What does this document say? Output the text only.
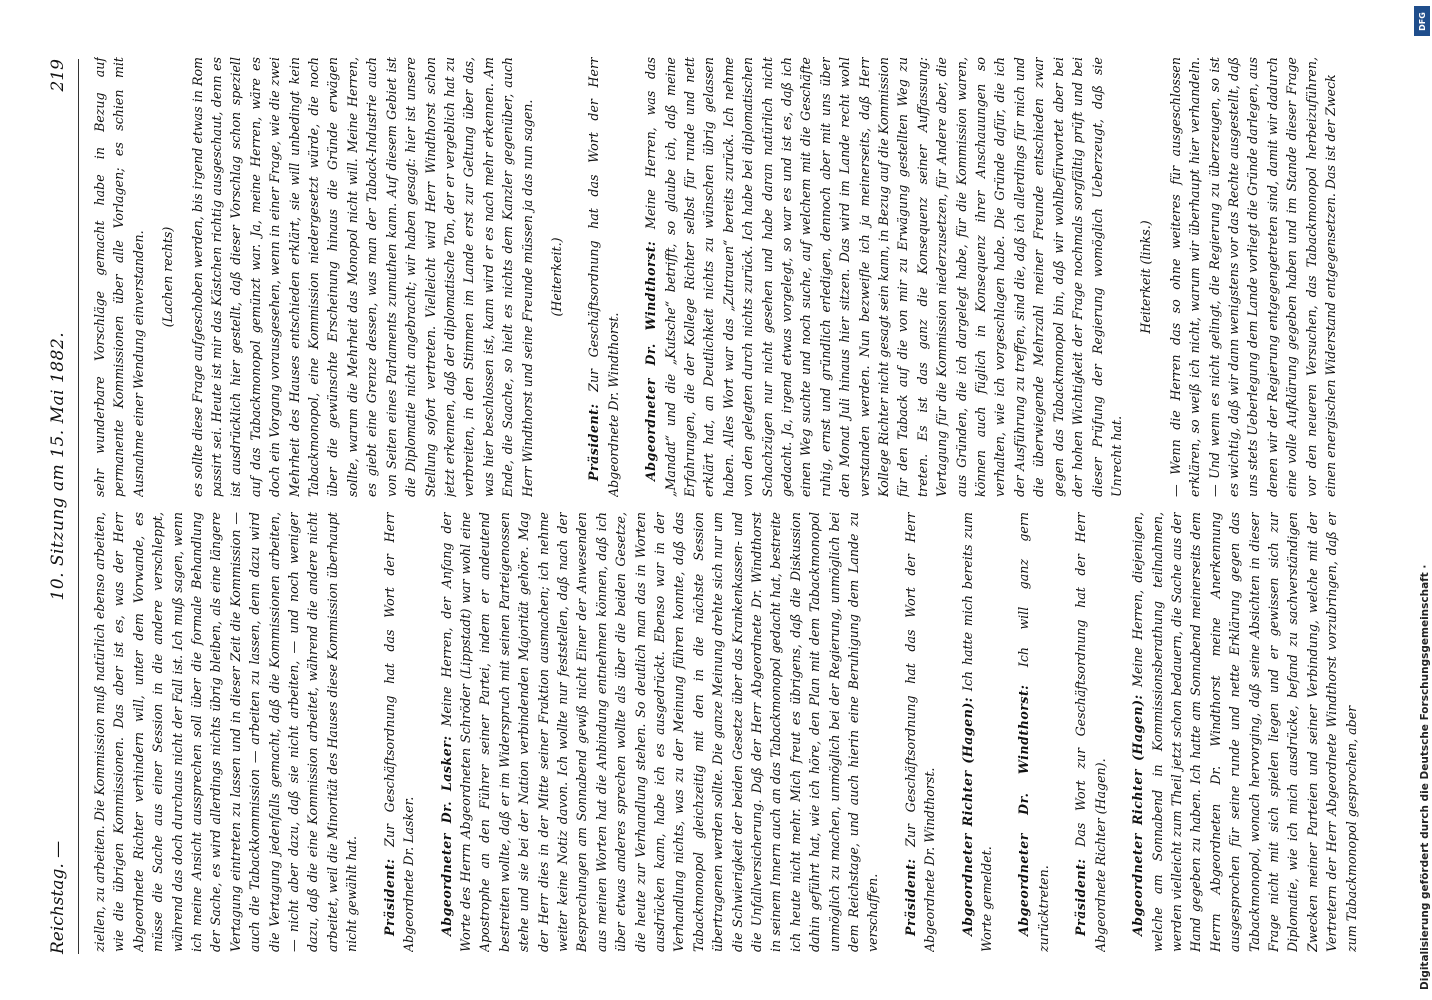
Reichstag. —
10. Sitzung am 15. Mai 1882.
219

ziellen, zu arbeiten. Die Kommission muß natürlich ebenso arbeiten, wie die übrigen Kommissionen. Das aber ist es, was der Herr Abgeordnete Richter verhindern will, unter dem Vorwande, es müsse die Sache aus einer Session in die andere verschleppt, während das doch durchaus nicht der Fall ist. Ich muß sagen, wenn ich meine Ansicht aussprechen soll über die formale Behandlung der Sache, es wird allerdings nichts übrig bleiben, als eine längere Vertagung eintreten zu lassen und in dieser Zeit die Kommission — auch die Tabackkommission — arbeiten zu lassen, denn dazu wird die Vertagung jedenfalls gemacht, daß die Kommissionen arbeiten, — nicht aber dazu, daß sie nicht arbeiten, — und noch weniger dazu, daß die eine Kommission arbeitet, während die andere nicht arbeitet, weil die Minorität des Hauses diese Kommission überhaupt nicht gewählt hat. Präsident: Zur Geschäftsordnung hat das Wort der Herr Abgeordnete Dr. Lasker. Abgeordneter Dr. Lasker: Meine Herren, der Anfang der Worte des Herrn Abgeordneten Schröder (Lippstadt) war wohl eine Apostrophe an den Führer seiner Partei, indem er andeutend bestreiten wollte, daß er im Widerspruch mit seinen Parteigenossen stehe und sie bei der Nation verbindenden Majorität gehöre. Mag der Herr dies in der Mitte seiner Fraktion ausmachen; ich nehme weiter keine Notiz davon. Ich wollte nur feststellen, daß nach der Besprechungen am Sonnabend gewiß nicht Einer der Anwesenden aus meinen Worten hat die Anbindung entnehmen können, daß ich über etwas anderes sprechen wollte als über die beiden Gesetze, die heute zur Verhandlung stehen. So deutlich man das in Worten ausdrücken kann, habe ich es ausgedrückt. Ebenso war in der Verhandlung nichts, was zu der Meinung führen konnte, daß das Tabackmonopol gleichzeitig mit den in die nächste Session übertragenen werden sollte. Die ganze Meinung drehte sich nur um die Schwierigkeit der beiden Gesetze über das Krankenkassen- und die Unfallversicherung. Daß der Herr Abgeordnete Dr. Windthorst in seinem Innern auch an das Tabackmonopol gedacht hat, bestreite ich heute nicht mehr. Mich freut es übrigens, daß die Diskussion dahin geführt hat, wie ich höre, den Plan mit dem Tabackmonopol unmöglich zu machen, unmöglich bei der Regierung, unmöglich bei dem Reichstage, und auch hierin eine Beruhigung dem Lande zu verschaffen. Präsident: Zur Geschäftsordnung hat das Wort der Herr Abgeordnete Dr. Windthorst. Abgeordneter Richter (Hagen): Ich hatte mich bereits zum Worte gemeldet. Abgeordneter Dr. Windthorst: Ich will ganz gern zurücktreten. Präsident: Das Wort zur Geschäftsordnung hat der Herr Abgeordnete Richter (Hagen). Abgeordneter Richter (Hagen): Meine Herren, diejenigen, welche am Sonnabend in Kommissionsberathung teilnahmen, werden vielleicht zum Theil jetzt schon bedauern, die Sache aus der Hand gegeben zu haben. Ich hatte am Sonnabend meinerseits dem Herrn Abgeordneten Dr. Windthorst meine Anerkennung ausgesprochen für seine runde und nette Erklärung gegen das Tabackmonopol, wonach hervorging, daß seine Absichten in dieser Frage nicht mit sich spielen liegen und er gewissen sich zur Diplomatie, wie ich mich ausdrücke, befand zu sachverständigen Zwecken meiner Parteien und seiner Verbindung, welche mit der Vertretern der Herr Abgeordnete Windthorst vorzubringen, daß er zum Tabackmonopol gesprochen, aber

sehr wunderbare Vorschläge gemacht habe in Bezug auf permanente Kommissionen über alle Vorlagen; es schien mit Ausnahme einer Wendung einverstanden. (Lachen rechts) es sollte diese Frage aufgeschoben werden, bis irgend etwas in Rom passirt sei. Heute ist mir das Kästchen richtig ausgeschaut, denn es ist ausdrücklich hier gestellt, daß dieser Vorschlag schon speziell auf das Tabackmonopol gemünzt war. Ja, meine Herren, wäre es doch ein Vorgang vorausgesehen, wenn in einer Frage, wie die zwei Mehrheit des Hauses entschieden erklärt, sie will unbedingt kein Tabackmonopol, eine Kommission niedergesetzt würde, die noch über die gewünschte Erscheinung hinaus die Gründe erwägen sollte, warum die Mehrheit das Monopol nicht will. Meine Herren, es giebt eine Grenze dessen, was man der Taback-Industrie auch von Seiten eines Parlaments zumuthen kann. Auf diesem Gebiet ist die Diplomatie nicht angebracht; wir haben gesagt: hier ist unsere Stellung sofort vertreten. Vielleicht wird Herr Windthorst schon jetzt erkennen, daß der diplomatische Ton, der er vergeblich hat zu verbreiten, in den Stimmen im Lande erst zur Geltung über das, was hier beschlossen ist, kann wird er es nach mehr erkennen. Am Ende, die Saache, so hielt es nichts dem Kanzler gegenüber, auch Herr Windthorst und seine Freunde müssen ja das nun sagen. (Heiterkeit.)

Präsident: Zur Geschäftsordnung hat das Wort der Herr Abgeordnete Dr. Windthorst. Abgeordneter Dr. Windthorst: Meine Herren, was das „Mandat“ und die „Kutsche“ betrifft, so glaube ich, daß meine Erfahrungen, die der Kollege Richter selbst für runde und nett erklärt hat, an Deutlichkeit nichts zu wünschen übrig gelassen haben. Alles Wort war das „Zutrauen“ bereits zurück. Ich nehme von den gelegten durch nichts zurück. Ich habe bei diplomatischen Schachzügen nur nicht gesehen und habe daran natürlich nicht gedacht. Ja, irgend etwas vorgelegt, so war es und ist es, daß ich einen Weg suchte und noch suche, auf welchem mit die Geschäfte ruhig, ernst und gründlich erledigen, dennoch aber mit uns über den Monat Juli hinaus hier sitzen. Das wird im Lande recht wohl verstanden werden. Nun bezweifle ich ja meinerseits, daß Herr Kollege Richter nicht gesagt sein kann, in Bezug auf die Kommission für den Taback auf die von mir zu Erwägung gestellten Weg zu treten. Es ist das ganz die Konsequenz seiner Auffassung: Vertagung für die Kommission niederzusetzen, für Andere aber, die aus Gründen, die ich dargelegt habe, für die Kommission waren, können auch füglich in Konsequenz ihrer Anschauungen so verhalten, wie ich vorgeschlagen habe. Die Gründe dafür, die ich der Ausführung zu treffen, sind die, daß ich allerdings für mich und die überwiegende Mehrzahl meiner Freunde entschieden zwar gegen das Tabackmonopol bin, daß wir wohlbefürwortet aber bei der hohen Wichtigkeit der Frage nochmals sorgfältig prüft und bei dieser Prüfung der Regierung womöglich Ueberzeugt, daß sie Unrecht hat.

Heiterkeit (links.) — Wenn die Herren das so ohne weiteres für ausgeschlossen erklären, so weiß ich nicht, warum wir überhaupt hier verhandeln. — Und wenn es nicht gelingt, die Regierung zu überzeugen, so ist es wichtig, daß wir dann wenigstens vor das Rechte ausgestellt, daß uns stets Ueberlegung dem Lande vorliegt die Gründe darlegen, aus denen wir der Regierung entgegengetreten sind, damit wir dadurch eine volle Aufklärung gegeben haben und im Stande dieser Frage vor den neueren Versuchen, das Tabackmonopol herbeizuführen, einen energischen Widerstand entgegensetzen. Das ist der Zweck

Digitalisierung gefördert durch die Deutsche Forschungsgemeinschaft ·
DFG
